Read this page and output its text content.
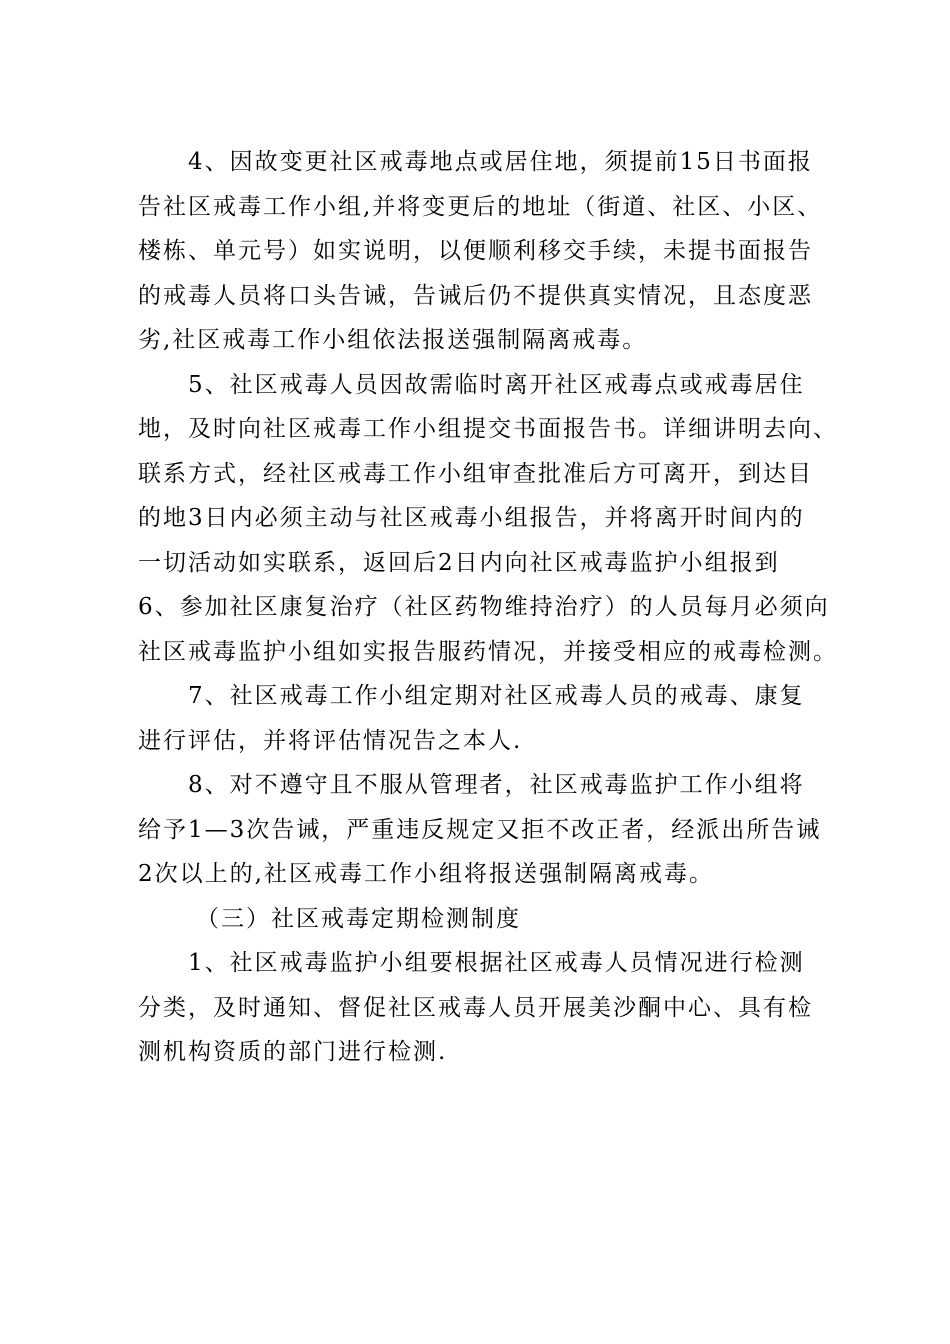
4、因故变更社区戒毒地点或居住地，须提前15日书面报
告社区戒毒工作小组,并将变更后的地址（街道、社区、小区、
楼栋、单元号）如实说明，以便顺利移交手续，未提书面报告
的戒毒人员将口头告诫，告诫后仍不提供真实情况，且态度恶
劣,社区戒毒工作小组依法报送强制隔离戒毒。
5、社区戒毒人员因故需临时离开社区戒毒点或戒毒居住
地，及时向社区戒毒工作小组提交书面报告书。详细讲明去向、
联系方式，经社区戒毒工作小组审查批准后方可离开，到达目
的地3日内必须主动与社区戒毒小组报告，并将离开时间内的
一切活动如实联系，返回后2日内向社区戒毒监护小组报到
6、参加社区康复治疗（社区药物维持治疗）的人员每月必须向
社区戒毒监护小组如实报告服药情况，并接受相应的戒毒检测。
7、社区戒毒工作小组定期对社区戒毒人员的戒毒、康复
进行评估，并将评估情况告之本人.
8、对不遵守且不服从管理者，社区戒毒监护工作小组将
给予1—3次告诫，严重违反规定又拒不改正者，经派出所告诫
2次以上的,社区戒毒工作小组将报送强制隔离戒毒。
（三）社区戒毒定期检测制度
1、社区戒毒监护小组要根据社区戒毒人员情况进行检测
分类，及时通知、督促社区戒毒人员开展美沙酮中心、具有检
测机构资质的部门进行检测.
